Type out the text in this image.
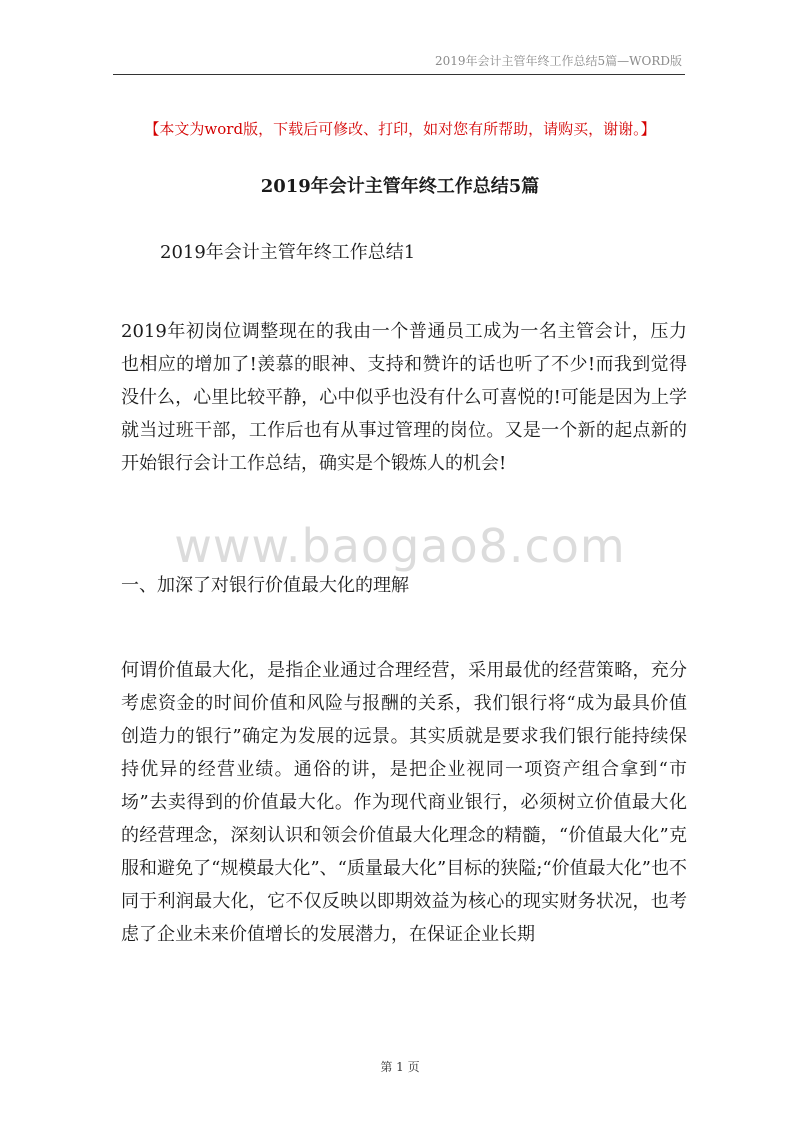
2019年会计主管年终工作总结5篇—WORD版
【本文为word版，下载后可修改、打印，如对您有所帮助，请购买，谢谢。】
2019年会计主管年终工作总结5篇
2019年会计主管年终工作总结1

2019年初岗位调整现在的我由一个普通员工成为一名主管会计，压力也相应的增加了!羡慕的眼神、支持和赞许的话也听了不少!而我到觉得没什么，心里比较平静，心中似乎也没有什么可喜悦的!可能是因为上学就当过班干部，工作后也有从事过管理的岗位。又是一个新的起点新的开始银行会计工作总结，确实是个锻炼人的机会!

www.baogao8.com
一、加深了对银行价值最大化的理解

何谓价值最大化，是指企业通过合理经营，采用最优的经营策略，充分考虑资金的时间价值和风险与报酬的关系，我们银行将“成为最具价值创造力的银行”确定为发展的远景。其实质就是要求我们银行能持续保持优异的经营业绩。通俗的讲，是把企业视同一项资产组合拿到“市场”去卖得到的价值最大化。作为现代商业银行，必须树立价值最大化的经营理念，深刻认识和领会价值最大化理念的精髓，“价值最大化”克服和避免了“规模最大化”、“质量最大化”目标的狭隘;“价值最大化”也不同于利润最大化，它不仅反映以即期效益为核心的现实财务状况，也考虑了企业未来价值增长的发展潜力，在保证企业长期

第 1 页
